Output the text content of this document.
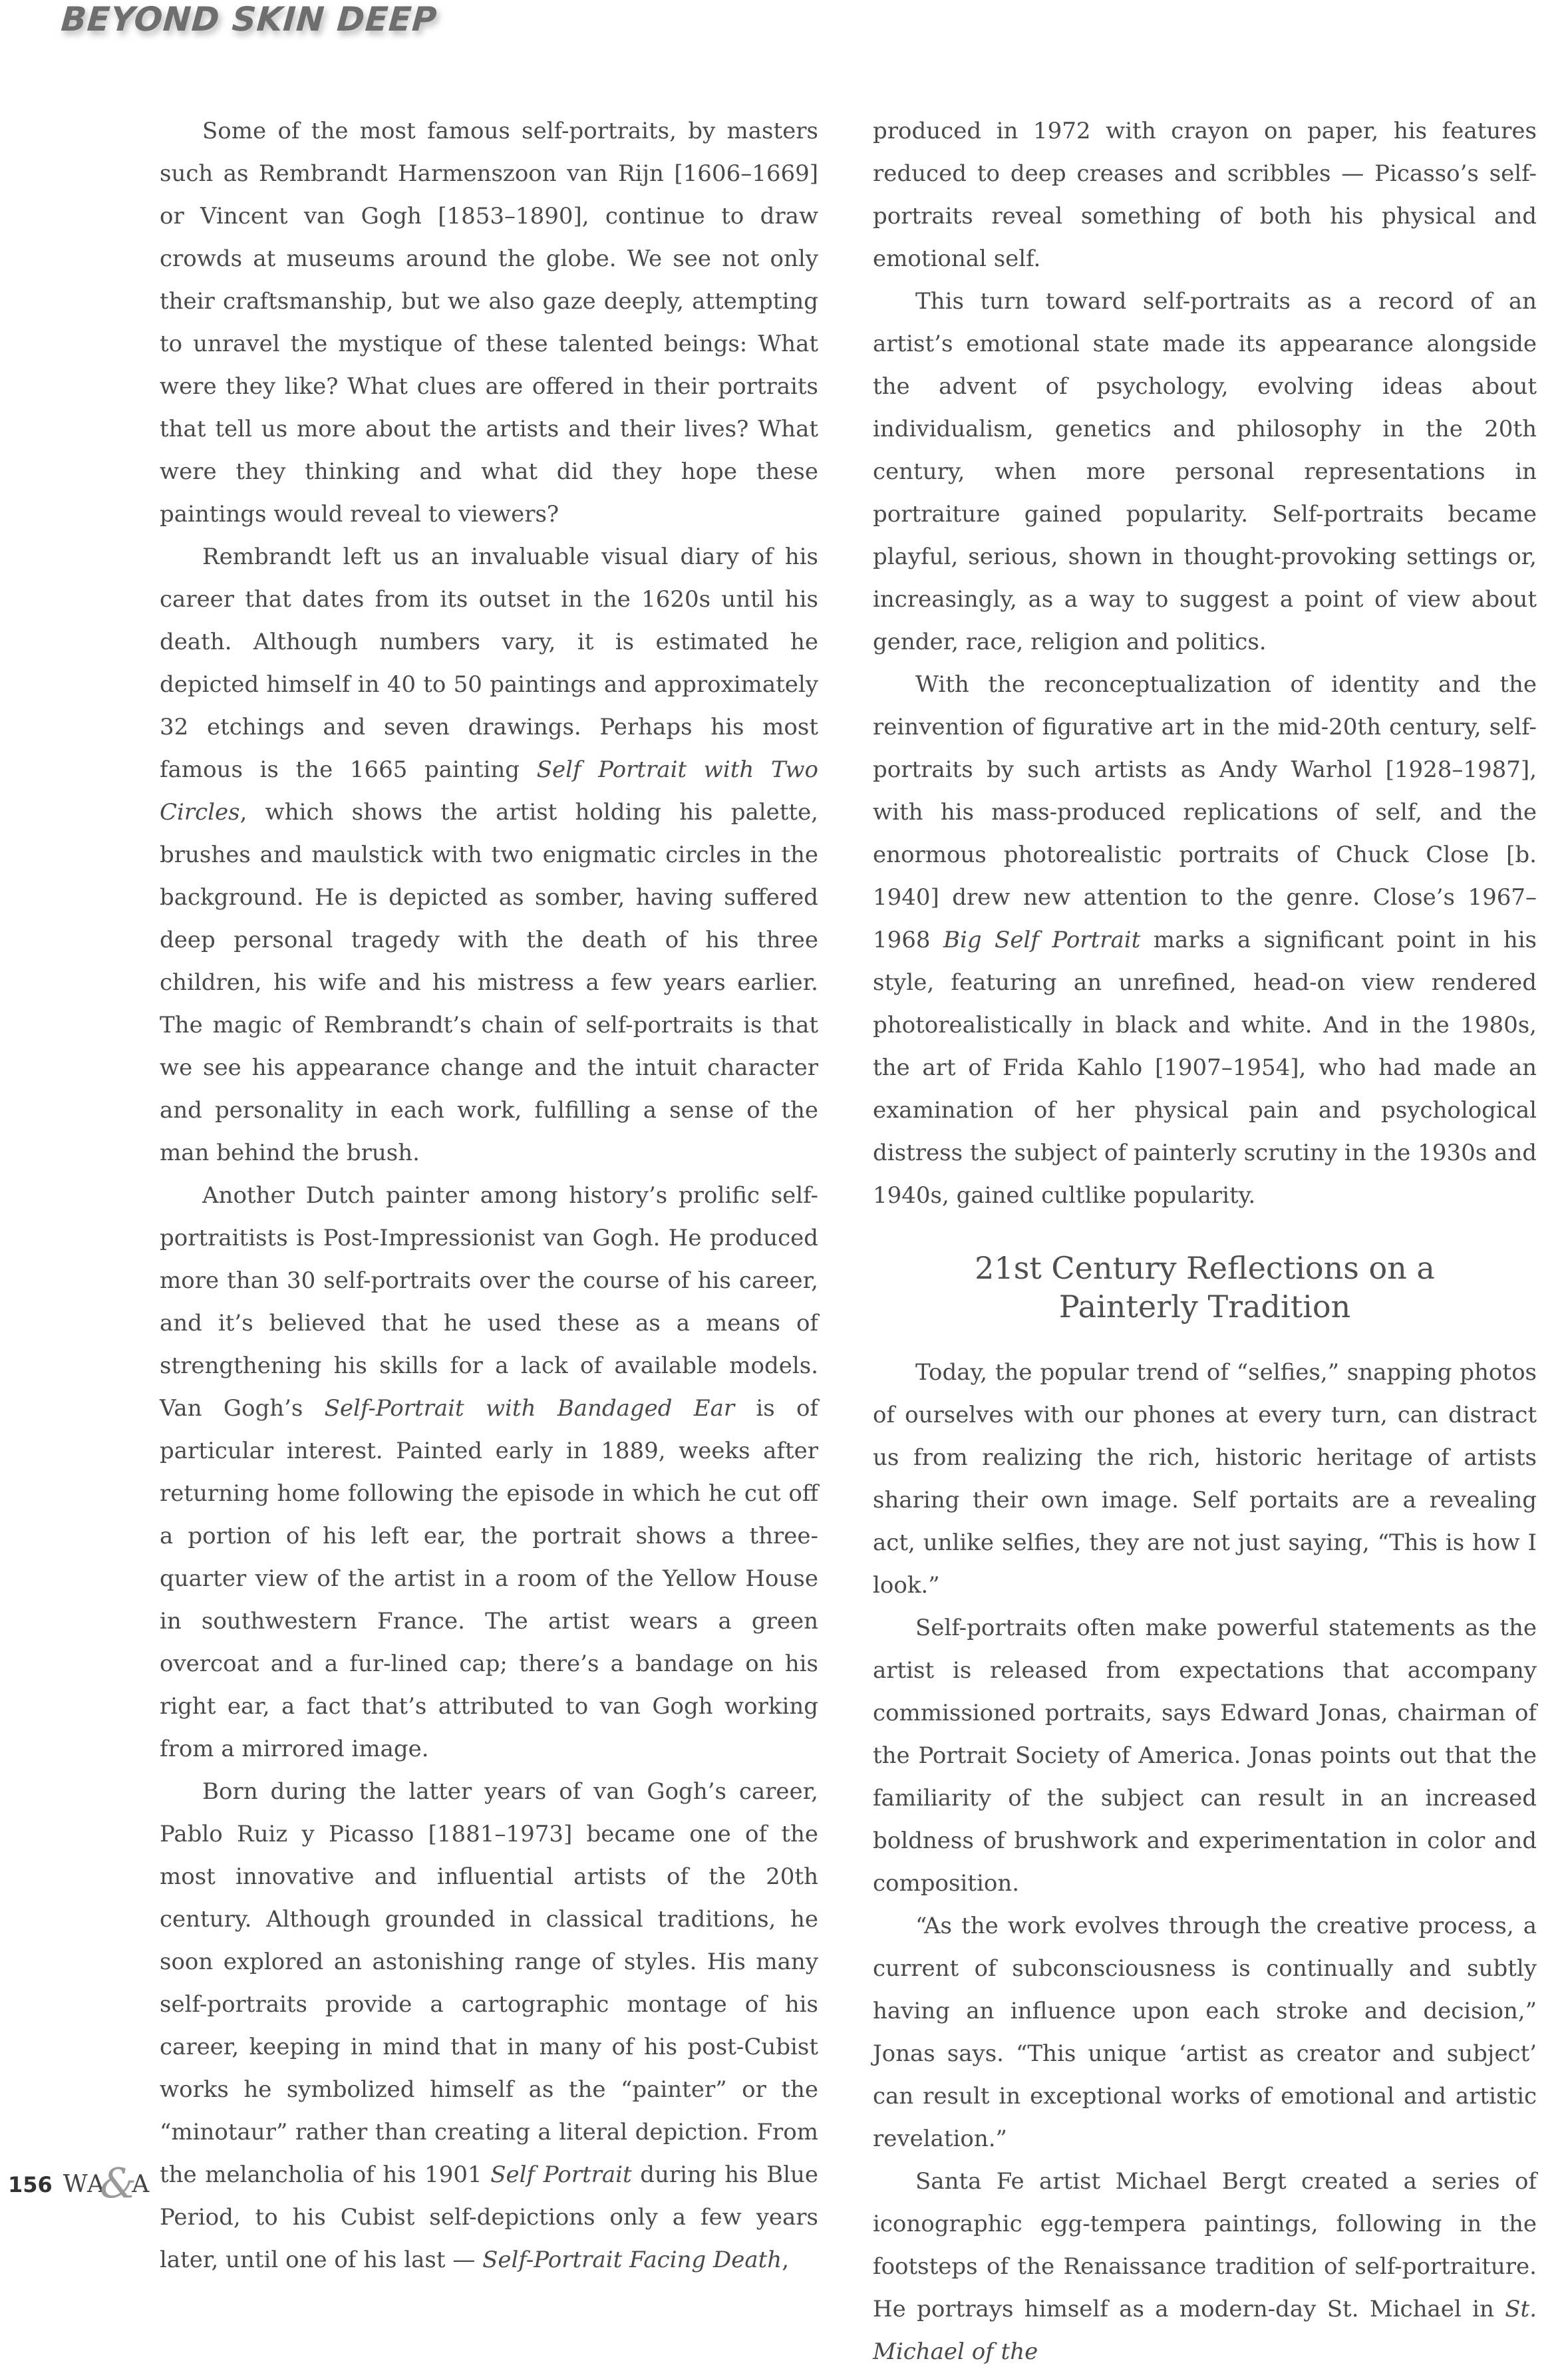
BEYOND SKIN DEEP

Some of the most famous self-portraits, by masters such as Rembrandt Harmenszoon van Rijn [1606–1669] or Vincent van Gogh [1853–1890], continue to draw crowds at museums around the globe. We see not only their craftsmanship, but we also gaze deeply, attempting to unravel the mystique of these talented beings: What were they like? What clues are offered in their portraits that tell us more about the artists and their lives? What were they thinking and what did they hope these paintings would reveal to viewers?

Rembrandt left us an invaluable visual diary of his career that dates from its outset in the 1620s until his death. Although numbers vary, it is estimated he depicted himself in 40 to 50 paintings and approximately 32 etchings and seven drawings. Perhaps his most famous is the 1665 painting Self Portrait with Two Circles, which shows the artist holding his palette, brushes and maulstick with two enigmatic circles in the background. He is depicted as somber, having suffered deep personal tragedy with the death of his three children, his wife and his mistress a few years earlier. The magic of Rembrandt’s chain of self-portraits is that we see his appearance change and the intuit character and personality in each work, fulfilling a sense of the man behind the brush.

Another Dutch painter among history’s prolific self-portraitists is Post-Impressionist van Gogh. He produced more than 30 self-portraits over the course of his career, and it’s believed that he used these as a means of strengthening his skills for a lack of available models. Van Gogh’s Self-Portrait with Bandaged Ear is of particular interest. Painted early in 1889, weeks after returning home following the episode in which he cut off a portion of his left ear, the portrait shows a three-quarter view of the artist in a room of the Yellow House in southwestern France. The artist wears a green overcoat and a fur-lined cap; there’s a bandage on his right ear, a fact that’s attributed to van Gogh working from a mirrored image.

Born during the latter years of van Gogh’s career, Pablo Ruiz y Picasso [1881–1973] became one of the most innovative and influential artists of the 20th century. Although grounded in classical traditions, he soon explored an astonishing range of styles. His many self-portraits provide a cartographic montage of his career, keeping in mind that in many of his post-Cubist works he symbolized himself as the “painter” or the “minotaur” rather than creating a literal depiction. From the melancholia of his 1901 Self Portrait during his Blue Period, to his Cubist self-depictions only a few years later, until one of his last — Self-Portrait Facing Death,

produced in 1972 with crayon on paper, his features reduced to deep creases and scribbles — Picasso’s self-portraits reveal something of both his physical and emotional self.

This turn toward self-portraits as a record of an artist’s emotional state made its appearance alongside the advent of psychology, evolving ideas about individualism, genetics and philosophy in the 20th century, when more personal representations in portraiture gained popularity. Self-portraits became playful, serious, shown in thought-provoking settings or, increasingly, as a way to suggest a point of view about gender, race, religion and politics.

With the reconceptualization of identity and the reinvention of figurative art in the mid-20th century, self-portraits by such artists as Andy Warhol [1928–1987], with his mass-produced replications of self, and the enormous photorealistic portraits of Chuck Close [b. 1940] drew new attention to the genre. Close’s 1967–1968 Big Self Portrait marks a significant point in his style, featuring an unrefined, head-on view rendered photorealistically in black and white. And in the 1980s, the art of Frida Kahlo [1907–1954], who had made an examination of her physical pain and psychological distress the subject of painterly scrutiny in the 1930s and 1940s, gained cultlike popularity.

21st Century Reflections on a
Painterly Tradition

Today, the popular trend of “selfies,” snapping photos of ourselves with our phones at every turn, can distract us from realizing the rich, historic heritage of artists sharing their own image. Self portaits are a revealing act, unlike selfies, they are not just saying, “This is how I look.”

Self-portraits often make powerful statements as the artist is released from expectations that accompany commissioned portraits, says Edward Jonas, chairman of the Portrait Society of America. Jonas points out that the familiarity of the subject can result in an increased boldness of brushwork and experimentation in color and composition.

“As the work evolves through the creative process, a current of subconsciousness is continually and subtly having an influence upon each stroke and decision,” Jonas says. “This unique ‘artist as creator and subject’ can result in exceptional works of emotional and artistic revelation.”

Santa Fe artist Michael Bergt created a series of iconographic egg-tempera paintings, following in the footsteps of the Renaissance tradition of self-portraiture. He portrays himself as a modern-day St. Michael in St. Michael of the

156 WA&A
